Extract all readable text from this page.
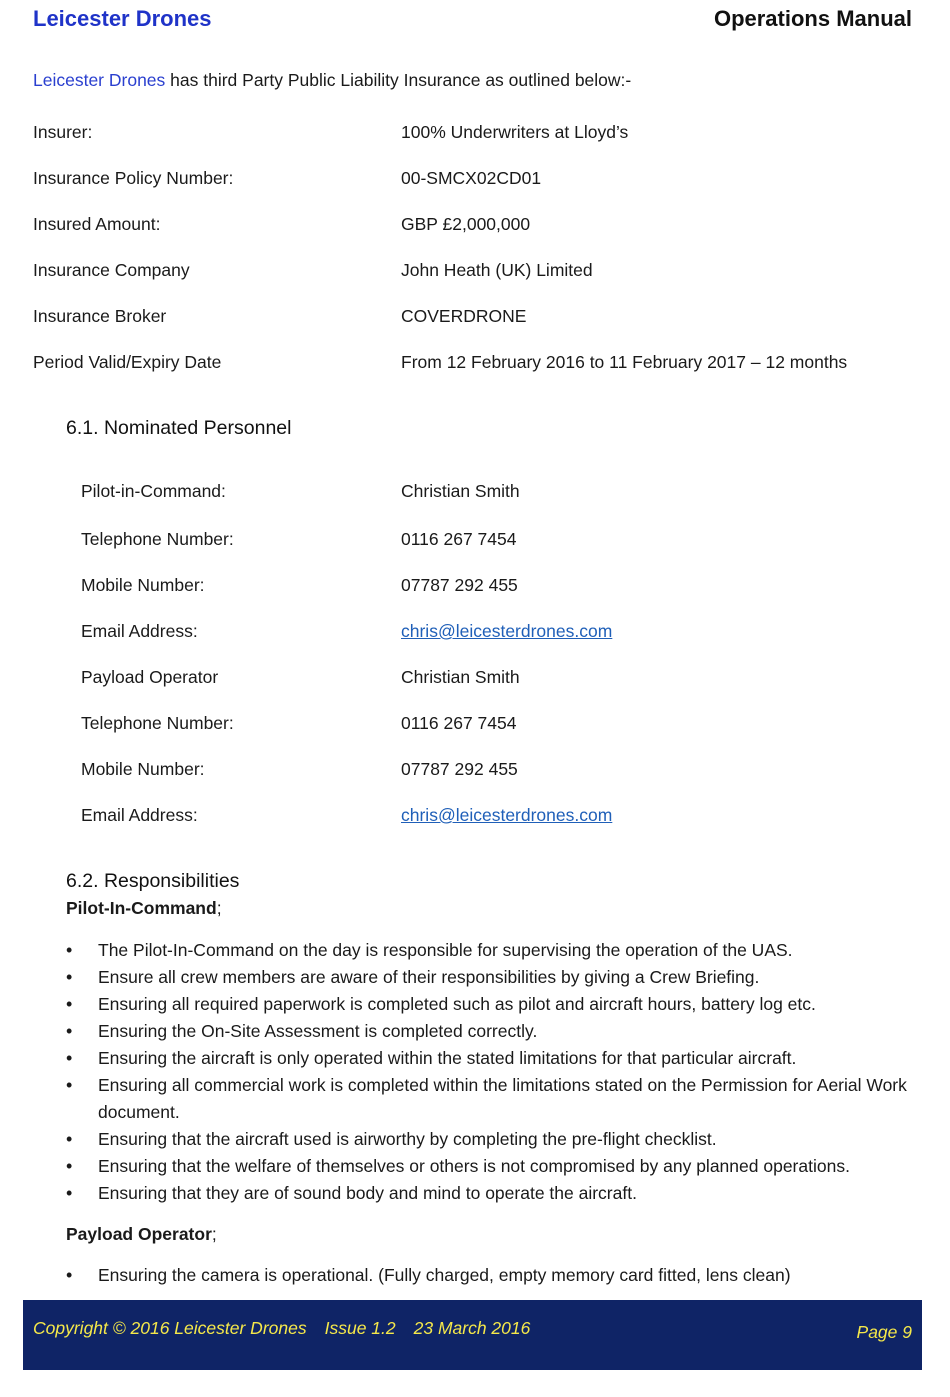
Leicester Drones	Operations Manual
Leicester Drones has third Party Public Liability Insurance as outlined below:-
Insurer:	100% Underwriters at Lloyd’s
Insurance Policy Number:	00-SMCX02CD01
Insured Amount:	GBP £2,000,000
Insurance Company	John Heath (UK) Limited
Insurance Broker	COVERDRONE
Period Valid/Expiry Date	From 12 February 2016 to 11 February 2017 – 12 months
6.1. Nominated Personnel
Pilot-in-Command:	Christian Smith
Telephone Number:	0116 267 7454
Mobile Number:	07787 292 455
Email Address:	chris@leicesterdrones.com
Payload Operator	Christian Smith
Telephone Number:	0116 267 7454
Mobile Number:	07787 292 455
Email Address:	chris@leicesterdrones.com
6.2. Responsibilities
Pilot-In-Command;
• The Pilot-In-Command on the day is responsible for supervising the operation of the UAS.
• Ensure all crew members are aware of their responsibilities by giving a Crew Briefing.
• Ensuring all required paperwork is completed such as pilot and aircraft hours, battery log etc.
• Ensuring the On-Site Assessment is completed correctly.
• Ensuring the aircraft is only operated within the stated limitations for that particular aircraft.
• Ensuring all commercial work is completed within the limitations stated on the Permission for Aerial Work document.
• Ensuring that the aircraft used is airworthy by completing the pre-flight checklist.
• Ensuring that the welfare of themselves or others is not compromised by any planned operations.
• Ensuring that they are of sound body and mind to operate the aircraft.
Payload Operator;
• Ensuring the camera is operational. (Fully charged, empty memory card fitted, lens clean)
Copyright © 2016 Leicester Drones Issue 1.2 23 March 2016	Page 9
